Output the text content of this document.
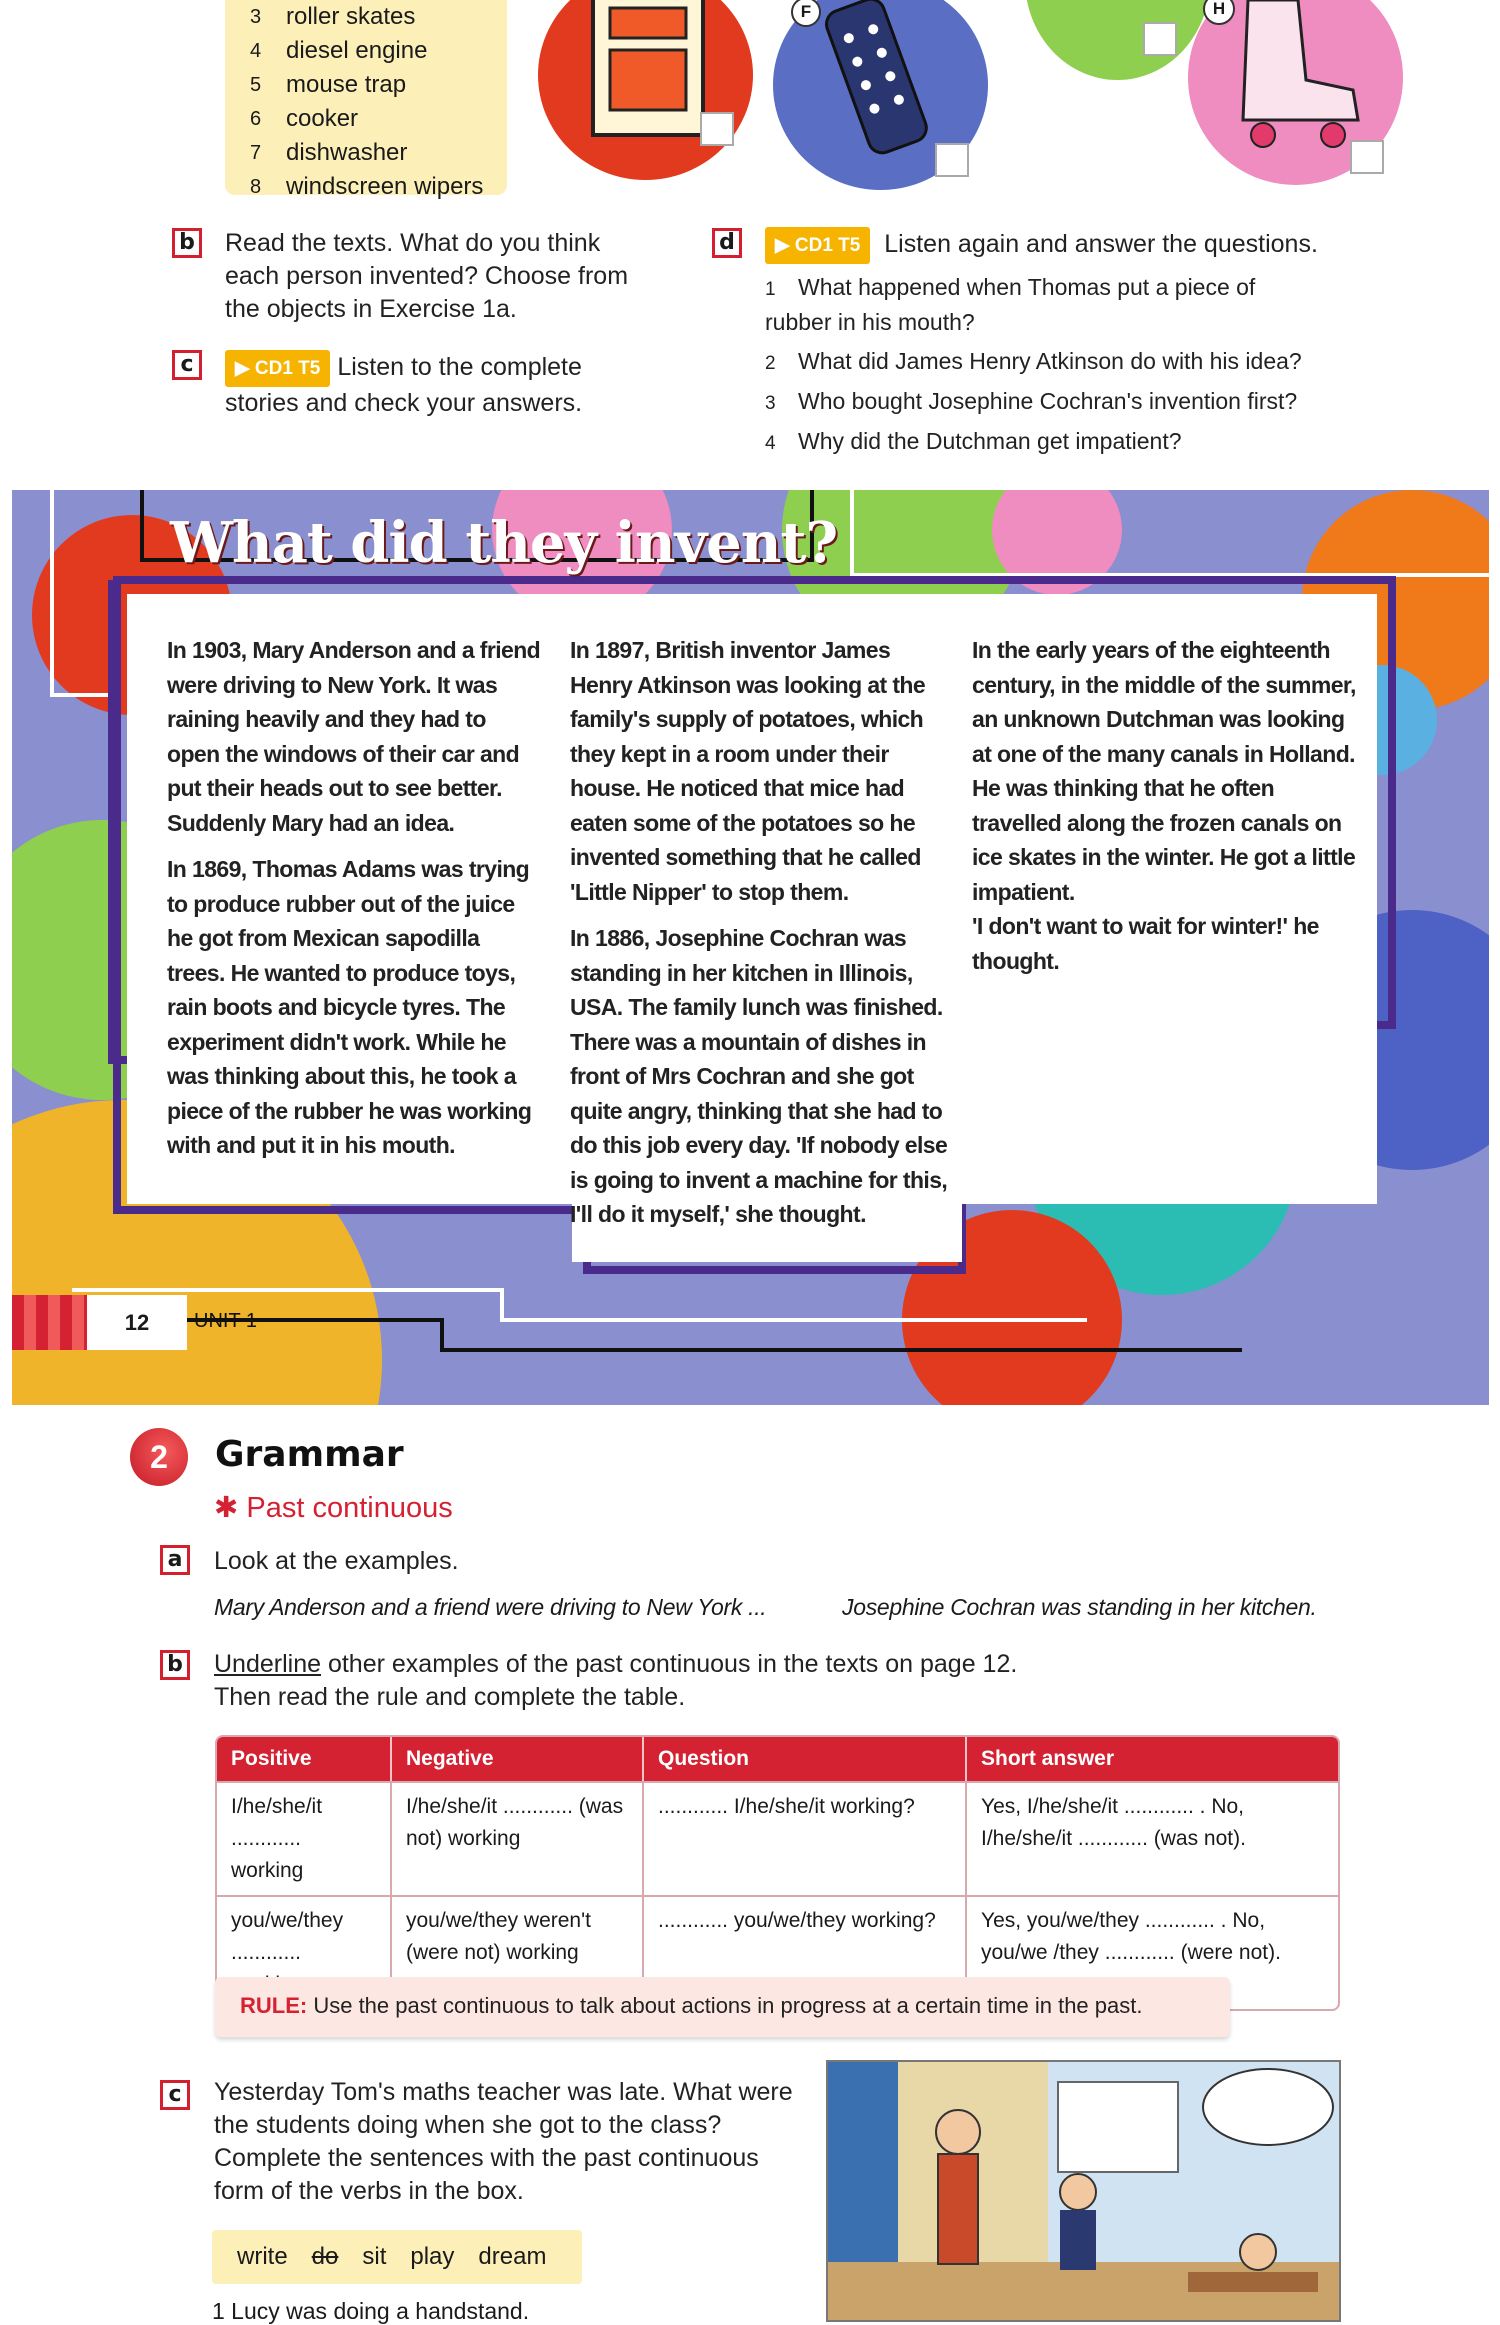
3	roller skates
4	diesel engine
5	mouse trap
6	cooker
7	dishwasher
8	windscreen wipers
F	H
b Read the texts. What do you think each person invented? Choose from the objects in Exercise 1a.
c	▶ CD1 T5 Listen to the complete stories and check your answers.
d	▶ CD1 T5 Listen again and answer the questions.
1 What happened when Thomas put a piece of rubber in his mouth?
2 What did James Henry Atkinson do with his idea?
3 Who bought Josephine Cochran's invention first?
4 Why did the Dutchman get impatient?
What did they invent?

In 1903, Mary Anderson and a friend were driving to New York. It was raining heavily and they had to open the windows of their car and put their heads out to see better. Suddenly Mary had an idea.

In 1869, Thomas Adams was trying to produce rubber out of the juice he got from Mexican sapodilla trees. He wanted to produce toys, rain boots and bicycle tyres. The experiment didn't work. While he was thinking about this, he took a piece of the rubber he was working with and put it in his mouth.

In 1897, British inventor James Henry Atkinson was looking at the family's supply of potatoes, which they kept in a room under their house. He noticed that mice had eaten some of the potatoes so he invented something that he called 'Little Nipper' to stop them.

In 1886, Josephine Cochran was standing in her kitchen in Illinois, USA. The family lunch was finished. There was a mountain of dishes in front of Mrs Cochran and she got quite angry, thinking that she had to do this job every day. 'If nobody else is going to invent a machine for this, I'll do it myself,' she thought.

In the early years of the eighteenth century, in the middle of the summer, an unknown Dutchman was looking at one of the many canals in Holland. He was thinking that he often travelled along the frozen canals on ice skates in the winter. He got a little impatient.

'I don't want to wait for winter!' he thought.

12	UNIT 1
2	Grammar
✱ Past continuous
a	Look at the examples.
Mary Anderson and a friend were driving to New York ...	Josephine Cochran was standing in her kitchen.
b Underline other examples of the past continuous in the texts on page 12.
Then read the rule and complete the table.
Positive	Negative	Question	Short answer
I/he/she/it ............ working	I/he/she/it ............ (was not) working	............ I/he/she/it working?	Yes, I/he/she/it ............ . No, I/he/she/it ............ (was not).
you/we/they ............	you/we/they weren't (were not) working	............ you/we/they working?	Yes, you/we/they ............ . No, you/we /they ............ (were not).
RULE: Use the past continuous to talk about actions in progress at a certain time in the past.
c	Yesterday Tom's maths teacher was late. What were the students doing when she got to the class? Complete the sentences with the past continuous form of the verbs in the box.
write do sit play dream
1 Lucy was doing a handstand.
